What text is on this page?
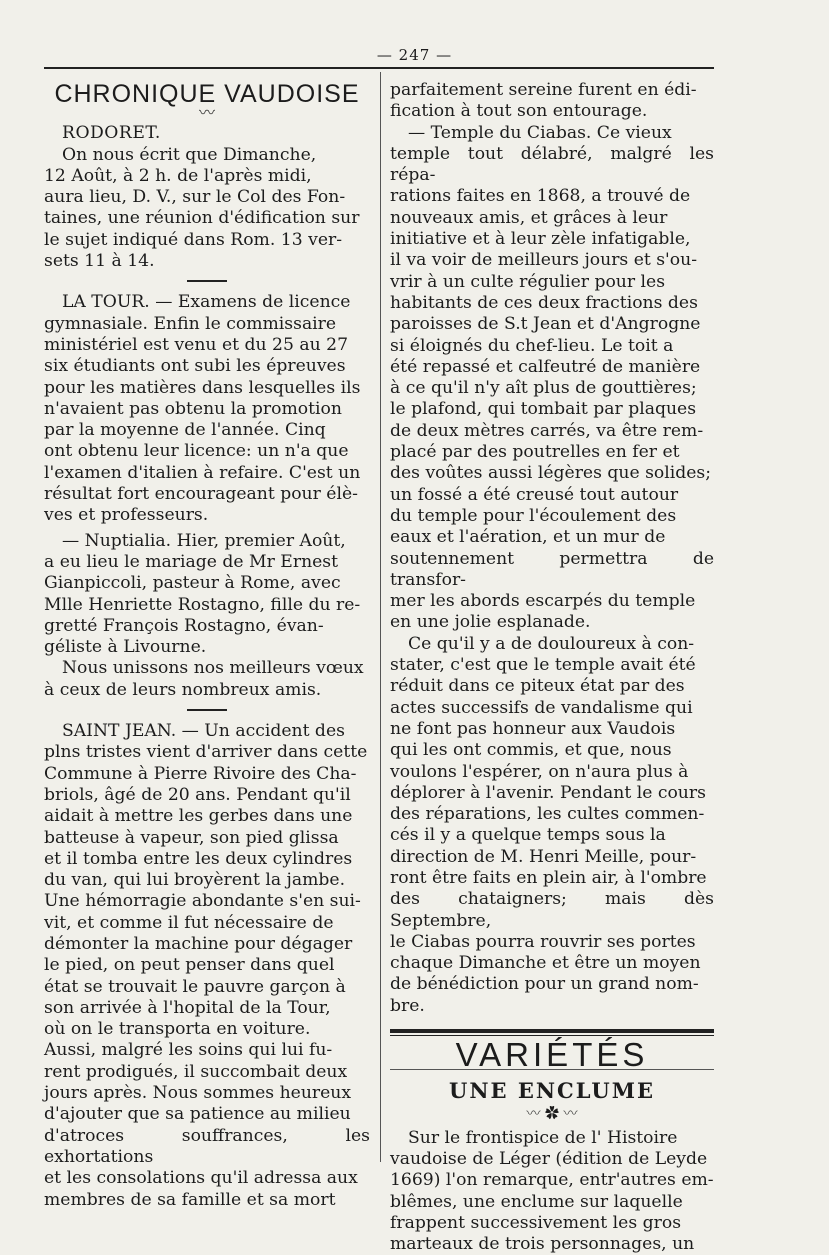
— 247 —
CHRONIQUE VAUDOISE
〰
RODORET.

On nous écrit que Dimanche,

12 Août, à 2 h. de l'après midi,

aura lieu, D. V., sur le Col des Fon-

taines, une réunion d'édification sur

le sujet indiqué dans Rom. 13 ver-

sets 11 à 14.

LA TOUR. — Examens de licence

gymnasiale. Enfin le commissaire

ministériel est venu et du 25 au 27

six étudiants ont subi les épreuves

pour les matières dans lesquelles ils

n'avaient pas obtenu la promotion

par la moyenne de l'année. Cinq

ont obtenu leur licence: un n'a que

l'examen d'italien à refaire. C'est un

résultat fort encourageant pour élè-

ves et professeurs.

— Nuptialia. Hier, premier Août,

a eu lieu le mariage de Mr Ernest

Gianpiccoli, pasteur à Rome, avec

Mlle Henriette Rostagno, fille du re-

gretté François Rostagno, évan-

géliste à Livourne.

Nous unissons nos meilleurs vœux

à ceux de leurs nombreux amis.

SAINT JEAN. — Un accident des

plns tristes vient d'arriver dans cette

Commune à Pierre Rivoire des Cha-

briols, âgé de 20 ans. Pendant qu'il

aidait à mettre les gerbes dans une

batteuse à vapeur, son pied glissa

et il tomba entre les deux cylindres

du van, qui lui broyèrent la jambe.

Une hémorragie abondante s'en sui-

vit, et comme il fut nécessaire de

démonter la machine pour dégager

le pied, on peut penser dans quel

état se trouvait le pauvre garçon à

son arrivée à l'hopital de la Tour,

où on le transporta en voiture.

Aussi, malgré les soins qui lui fu-

rent prodigués, il succombait deux

jours après. Nous sommes heureux

d'ajouter que sa patience au milieu

d'atroces souffrances, les exhortations

et les consolations qu'il adressa aux

membres de sa famille et sa mort

parfaitement sereine furent en édi-

fication à tout son entourage.

— Temple du Ciabas. Ce vieux

temple tout délabré, malgré les répa-

rations faites en 1868, a trouvé de

nouveaux amis, et grâces à leur

initiative et à leur zèle infatigable,

il va voir de meilleurs jours et s'ou-

vrir à un culte régulier pour les

habitants de ces deux fractions des

paroisses de S.t Jean et d'Angrogne

si éloignés du chef-lieu. Le toit a

été repassé et calfeutré de manière

à ce qu'il n'y aît plus de gouttières;

le plafond, qui tombait par plaques

de deux mètres carrés, va être rem-

placé par des poutrelles en fer et

des voûtes aussi légères que solides;

un fossé a été creusé tout autour

du temple pour l'écoulement des

eaux et l'aération, et un mur de

soutennement permettra de transfor-

mer les abords escarpés du temple

en une jolie esplanade.

Ce qu'il y a de douloureux à con-

stater, c'est que le temple avait été

réduit dans ce piteux état par des

actes successifs de vandalisme qui

ne font pas honneur aux Vaudois

qui les ont commis, et que, nous

voulons l'espérer, on n'aura plus à

déplorer à l'avenir. Pendant le cours

des réparations, les cultes commen-

cés il y a quelque temps sous la

direction de M. Henri Meille, pour-

ront être faits en plein air, à l'ombre

des chataigners; mais dès Septembre,

le Ciabas pourra rouvrir ses portes

chaque Dimanche et être un moyen

de bénédiction pour un grand nom-

bre.

VARIÉTÉS
UNE ENCLUME
〰 ✿ 〰

Sur le frontispice de l' Histoire

vaudoise de Léger (édition de Leyde

1669) l'on remarque, entr'autres em-

blêmes, une enclume sur laquelle

frappent successivement les gros

marteaux de trois personnages, un
